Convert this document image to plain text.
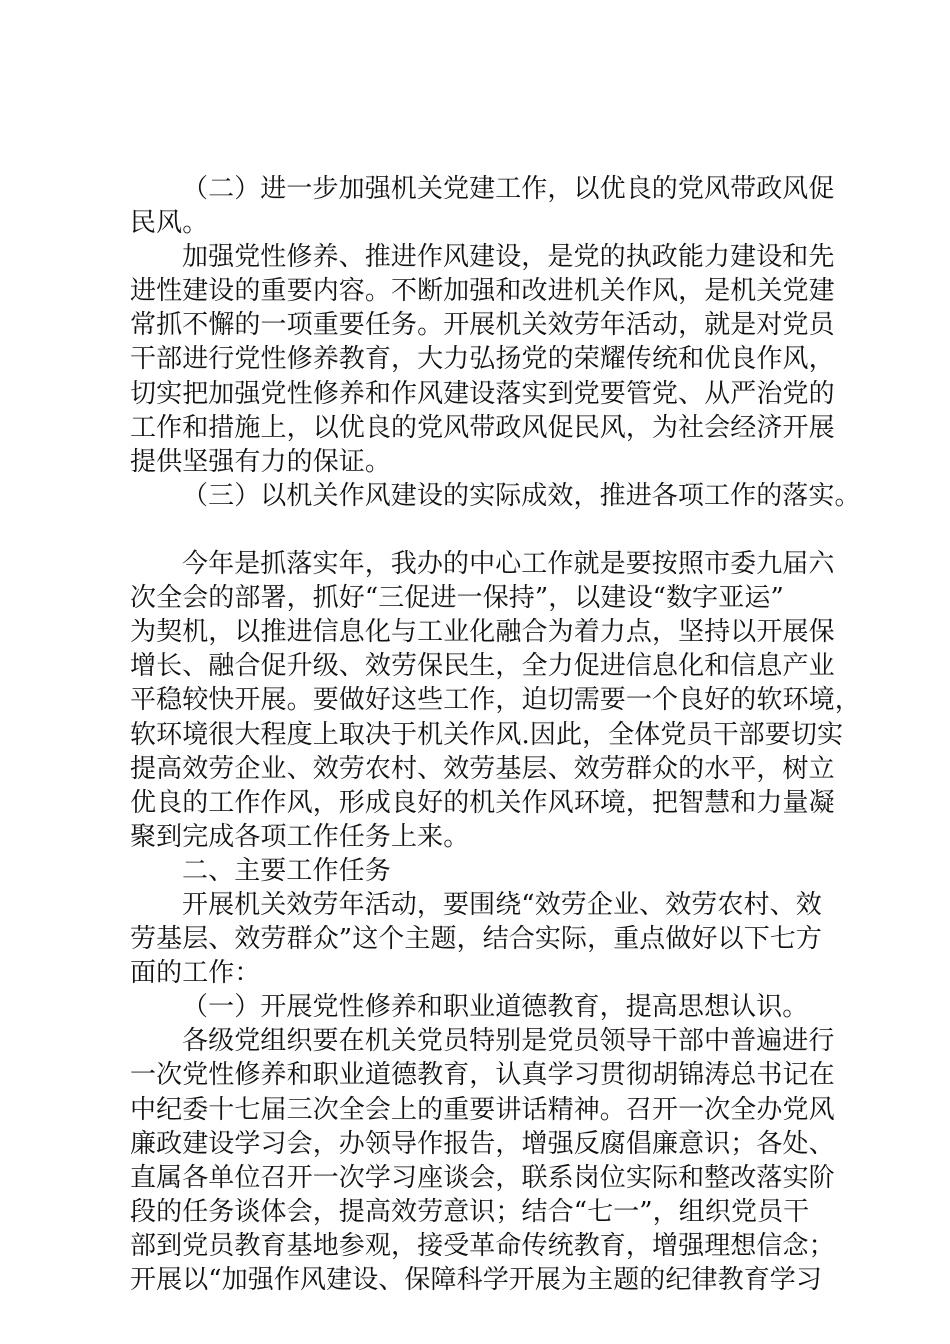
（二）进一步加强机关党建工作，以优良的党风带政风促
民风。
加强党性修养、推进作风建设，是党的执政能力建设和先
进性建设的重要内容。不断加强和改进机关作风，是机关党建
常抓不懈的一项重要任务。开展机关效劳年活动，就是对党员
干部进行党性修养教育，大力弘扬党的荣耀传统和优良作风，
切实把加强党性修养和作风建设落实到党要管党、从严治党的
工作和措施上，以优良的党风带政风促民风，为社会经济开展
提供坚强有力的保证。
（三）以机关作风建设的实际成效，推进各项工作的落实。
今年是抓落实年，我办的中心工作就是要按照市委九届六
次全会的部署，抓好“三促进一保持”，以建设“数字亚运”
为契机，以推进信息化与工业化融合为着力点，坚持以开展保
增长、融合促升级、效劳保民生，全力促进信息化和信息产业
平稳较快开展。要做好这些工作，迫切需要一个良好的软环境，
软环境很大程度上取决于机关作风.因此，全体党员干部要切实
提高效劳企业、效劳农村、效劳基层、效劳群众的水平，树立
优良的工作作风，形成良好的机关作风环境，把智慧和力量凝
聚到完成各项工作任务上来。
二、主要工作任务
开展机关效劳年活动，要围绕“效劳企业、效劳农村、效
劳基层、效劳群众”这个主题，结合实际，重点做好以下七方
面的工作：
（一）开展党性修养和职业道德教育，提高思想认识。
各级党组织要在机关党员特别是党员领导干部中普遍进行
一次党性修养和职业道德教育，认真学习贯彻胡锦涛总书记在
中纪委十七届三次全会上的重要讲话精神。召开一次全办党风
廉政建设学习会，办领导作报告，增强反腐倡廉意识；各处、
直属各单位召开一次学习座谈会，联系岗位实际和整改落实阶
段的任务谈体会，提高效劳意识；结合“七一”，组织党员干
部到党员教育基地参观，接受革命传统教育，增强理想信念；
开展以“加强作风建设、保障科学开展为主题的纪律教育学习
